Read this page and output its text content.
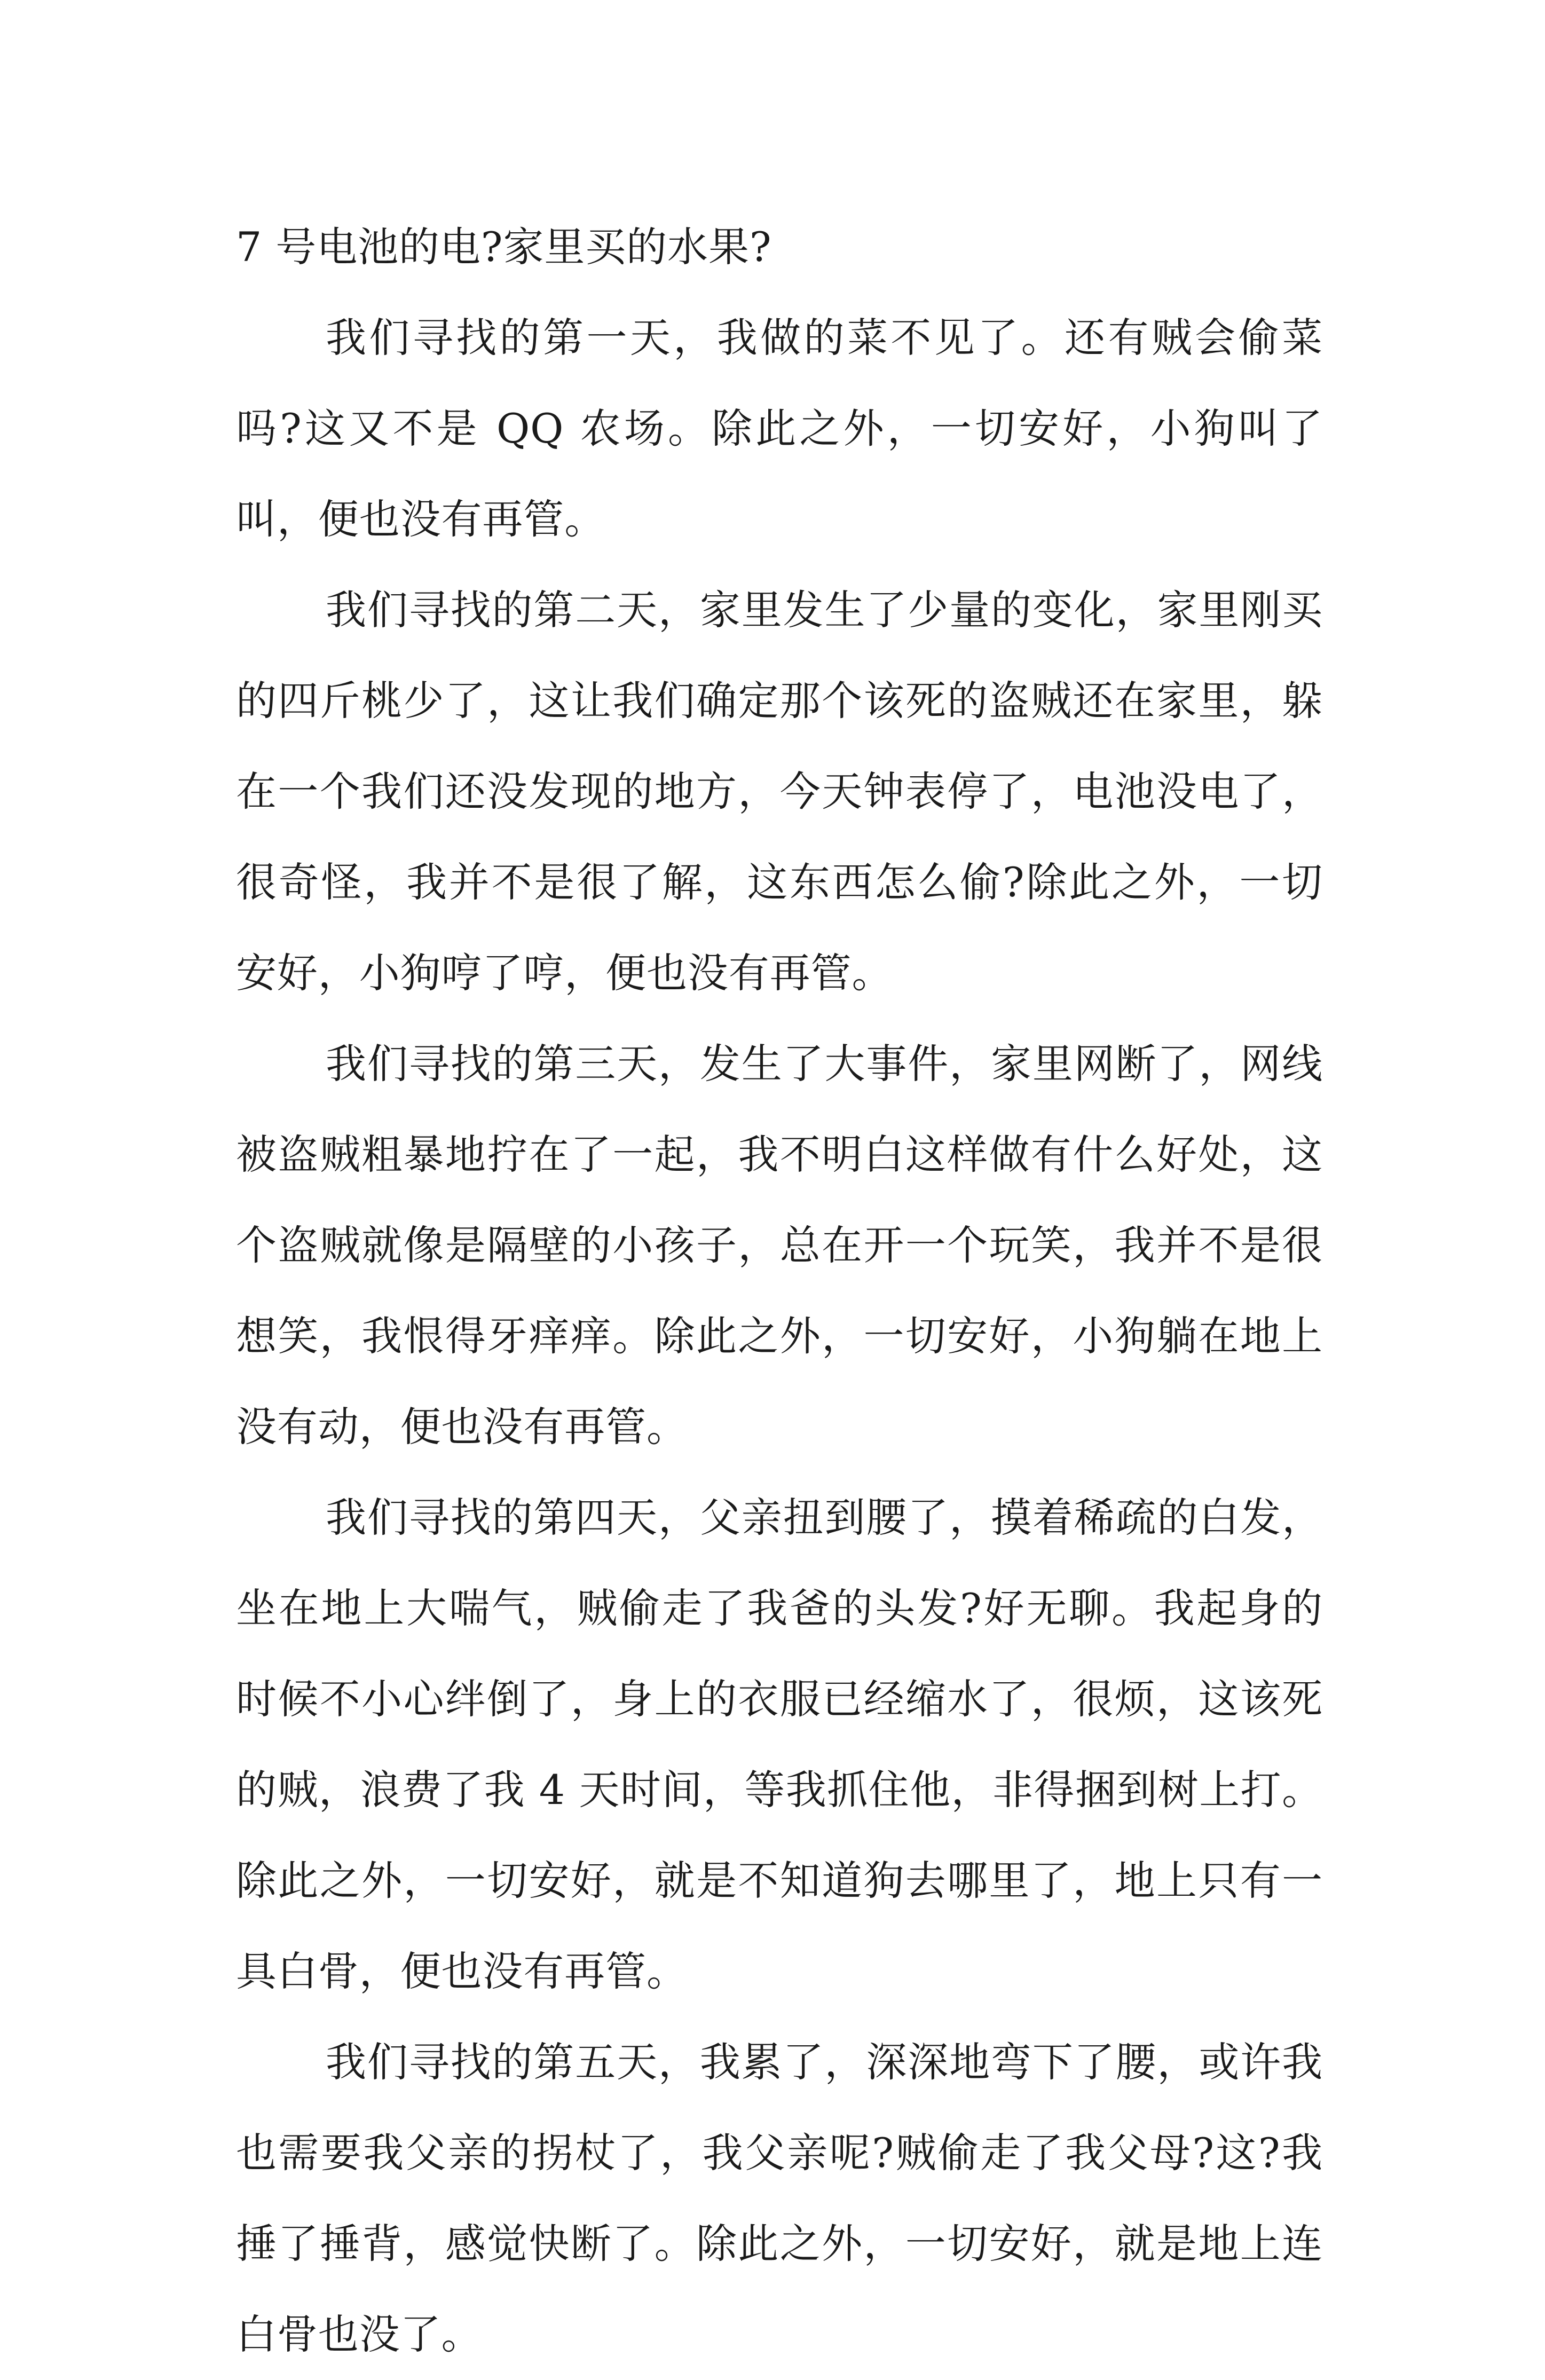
7 号电池的电?家里买的水果?

我们寻找的第一天，我做的菜不见了。还有贼会偷菜吗?这又不是 QQ 农场。除此之外，一切安好，小狗叫了叫，便也没有再管。

我们寻找的第二天，家里发生了少量的变化，家里刚买的四斤桃少了，这让我们确定那个该死的盗贼还在家里，躲在一个我们还没发现的地方，今天钟表停了，电池没电了，很奇怪，我并不是很了解，这东西怎么偷?除此之外，一切安好，小狗哼了哼，便也没有再管。

我们寻找的第三天，发生了大事件，家里网断了，网线被盗贼粗暴地拧在了一起，我不明白这样做有什么好处，这个盗贼就像是隔壁的小孩子，总在开一个玩笑，我并不是很想笑，我恨得牙痒痒。除此之外，一切安好，小狗躺在地上没有动，便也没有再管。

我们寻找的第四天，父亲扭到腰了，摸着稀疏的白发，坐在地上大喘气，贼偷走了我爸的头发?好无聊。我起身的时候不小心绊倒了，身上的衣服已经缩水了，很烦，这该死的贼，浪费了我 4 天时间，等我抓住他，非得捆到树上打。除此之外，一切安好，就是不知道狗去哪里了，地上只有一具白骨，便也没有再管。

我们寻找的第五天，我累了，深深地弯下了腰，或许我也需要我父亲的拐杖了，我父亲呢?贼偷走了我父母?这?我捶了捶背，感觉快断了。除此之外，一切安好，就是地上连白骨也没了。
